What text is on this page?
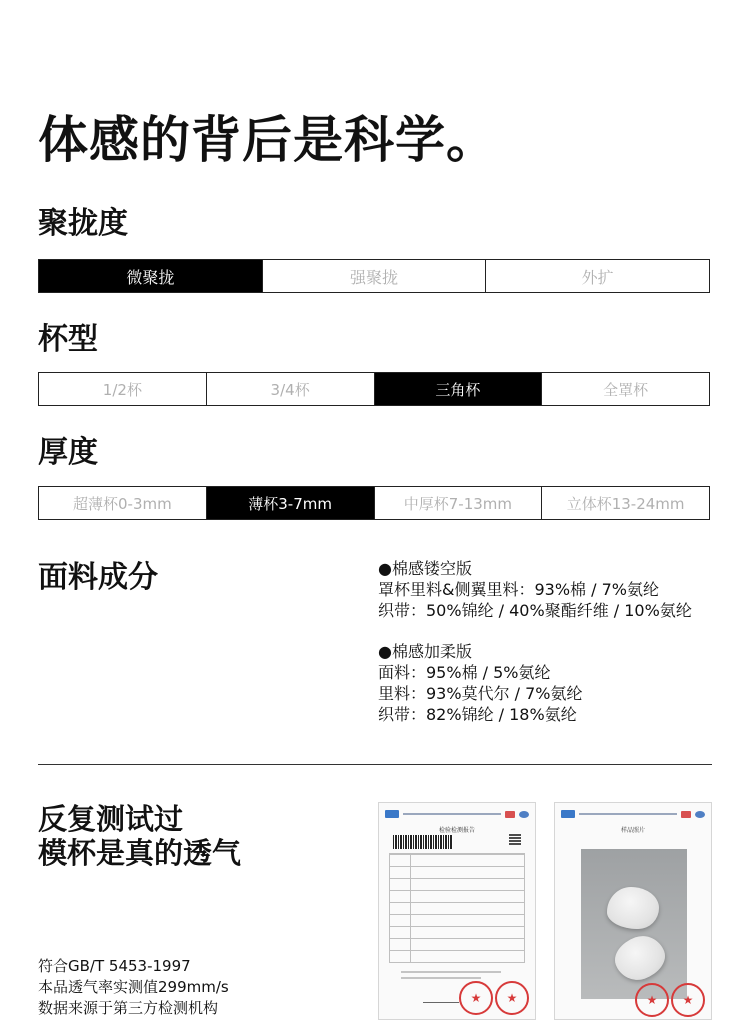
体感的背后是科学。
聚拢度
微聚拢	强聚拢	外扩
杯型
1/2杯	3/4杯	三角杯	全罩杯
厚度
超薄杯0-3mm	薄杯3-7mm	中厚杯7-13mm	立体杯13-24mm
面料成分	●棉感镂空版
罩杯里料&侧翼里料：93%棉 / 7%氨纶
织带：50%锦纶 / 40%聚酯纤维 / 10%氨纶
●棉感加柔版
面料：95%棉 / 5%氨纶
里料：93%莫代尔 / 7%氨纶
织带：82%锦纶 / 18%氨纶
反复测试过
模杯是真的透气
符合GB/T 5453-1997
本品透气率实测值299mm/s
数据来源于第三方检测机构
检验检测报告
★	★
样品照片
★	★
